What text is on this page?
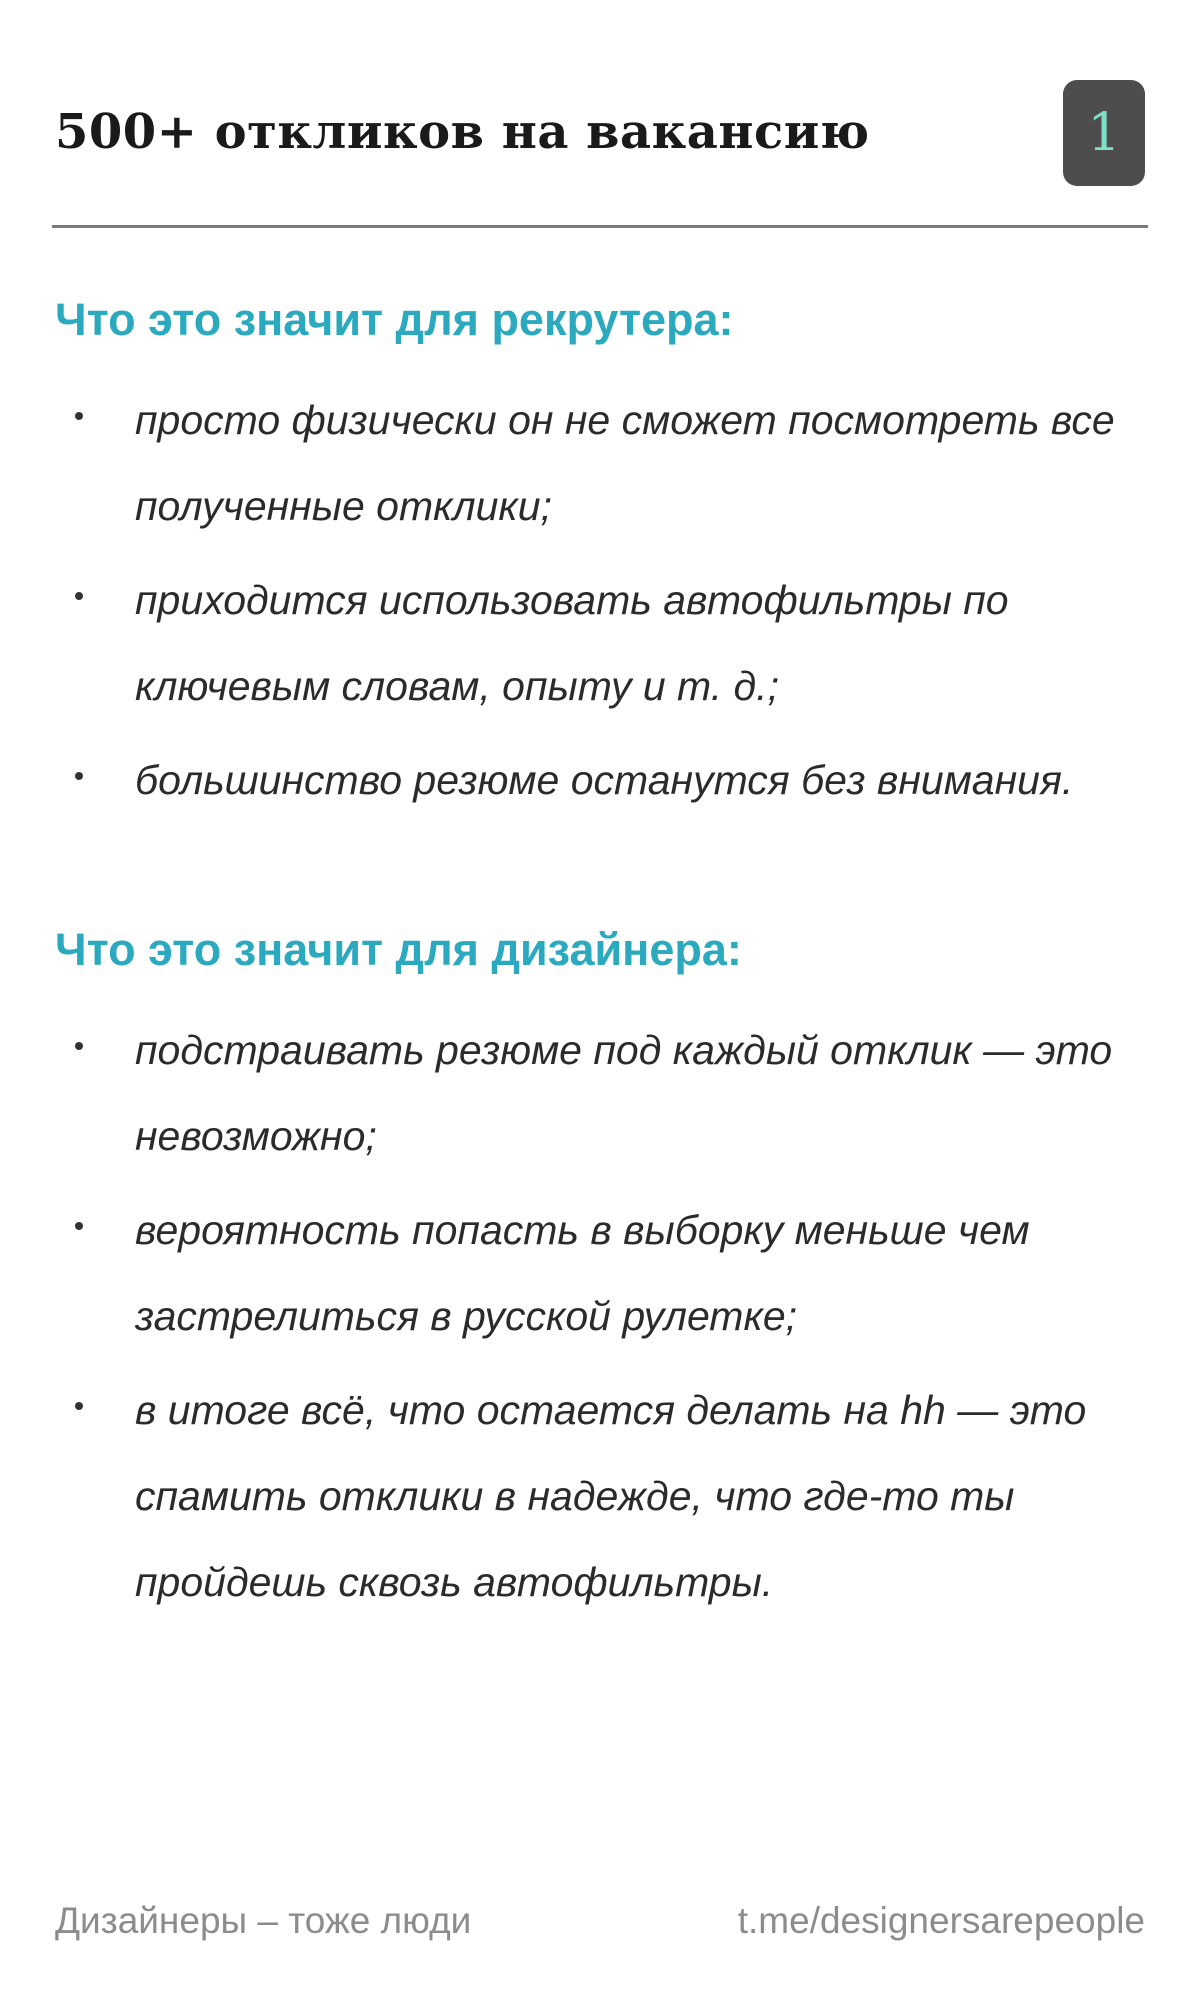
500+ откликов на вакансию	1
Что это значит для рекрутера:
просто физически он не сможет посмотреть все полученные отклики;
приходится использовать автофильтры по ключевым словам, опыту и т. д.;
большинство резюме останутся без внимания.
Что это значит для дизайнера:
подстраивать резюме под каждый отклик — это невозможно;
вероятность попасть в выборку меньше чем застрелиться в русской рулетке;
в итоге всё, что остается делать на hh — это спамить отклики в надежде, что где-то ты пройдешь сквозь автофильтры.
Дизайнеры – тоже люди	t.me/designersarepeople
